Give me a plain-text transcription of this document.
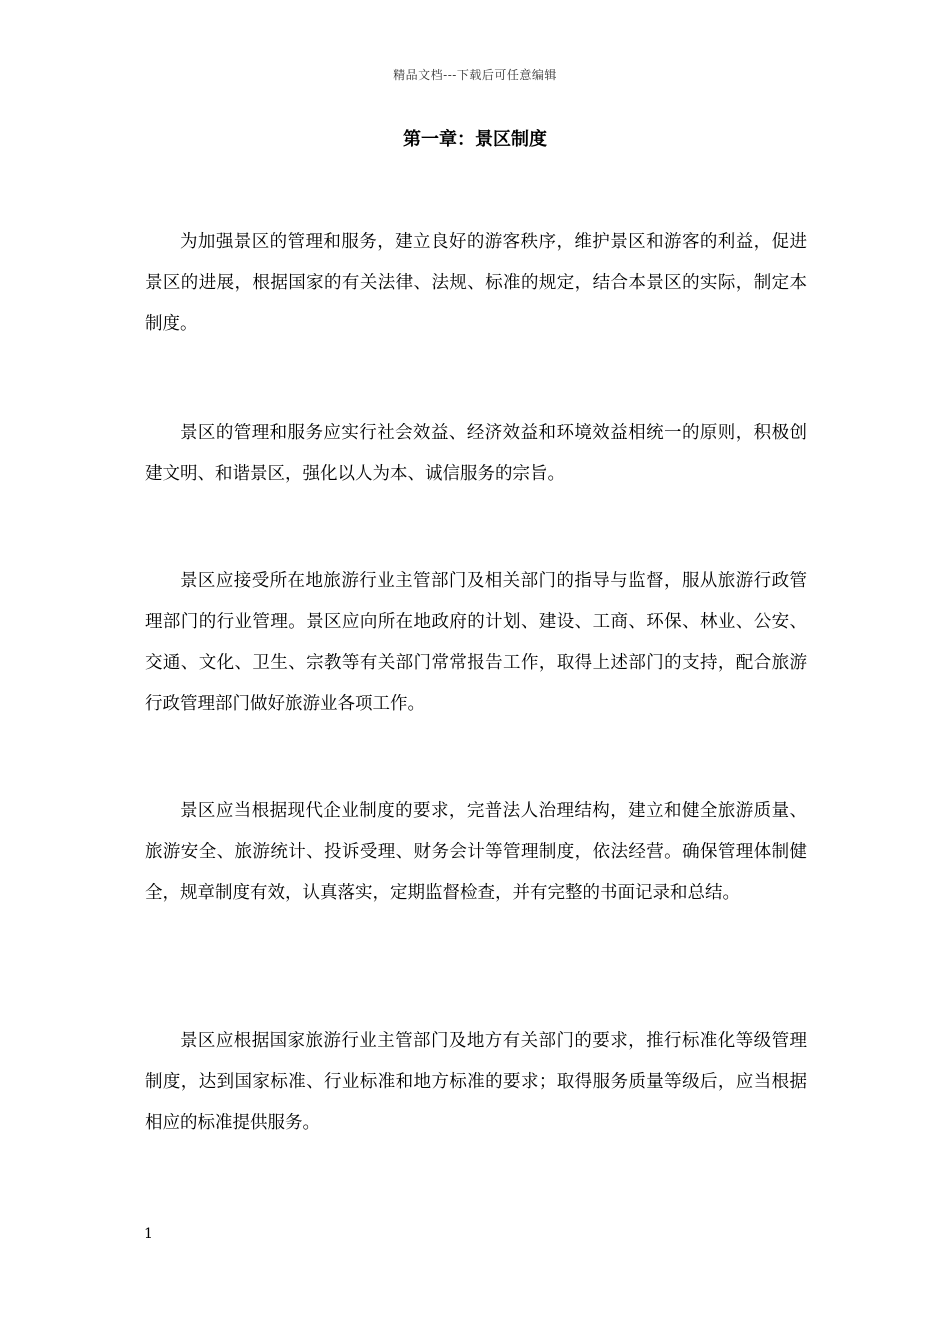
精品文档---下载后可任意编辑
第一章：景区制度

为加强景区的管理和服务，建立良好的游客秩序，维护景区和游客的利益，促进景区的进展，根据国家的有关法律、法规、标准的规定，结合本景区的实际，制定本制度。

景区的管理和服务应实行社会效益、经济效益和环境效益相统一的原则，积极创建文明、和谐景区，强化以人为本、诚信服务的宗旨。

景区应接受所在地旅游行业主管部门及相关部门的指导与监督，服从旅游行政管理部门的行业管理。景区应向所在地政府的计划、建设、工商、环保、林业、公安、交通、文化、卫生、宗教等有关部门常常报告工作，取得上述部门的支持，配合旅游行政管理部门做好旅游业各项工作。

景区应当根据现代企业制度的要求，完普法人治理结构，建立和健全旅游质量、旅游安全、旅游统计、投诉受理、财务会计等管理制度，依法经营。确保管理体制健全，规章制度有效，认真落实，定期监督检查，并有完整的书面记录和总结。

景区应根据国家旅游行业主管部门及地方有关部门的要求，推行标准化等级管理制度，达到国家标准、行业标准和地方标准的要求；取得服务质量等级后，应当根据相应的标准提供服务。

1
